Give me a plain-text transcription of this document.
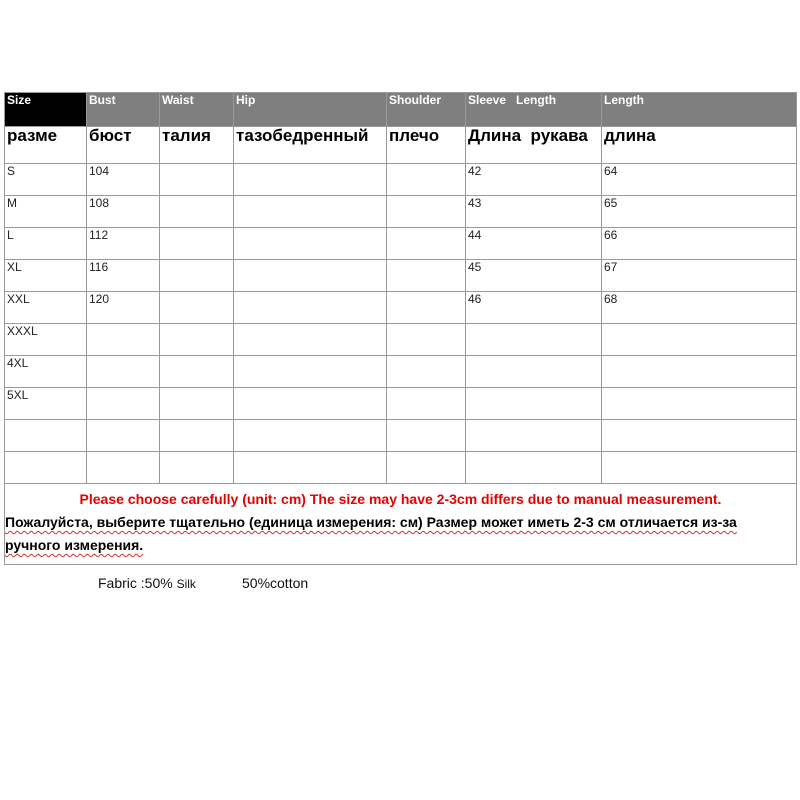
Size	Bust	Waist	Hip	Shoulder	Sleeve   Length	Length

разме	бюст	талия	тазобедренный	плечо	Длина  рукава	длина

S	104				42	64
M	108				43	65
L	112				44	66
XL	116				45	67
XXL	120				46	68
XXXL						
4XL						
5XL						

Please choose carefully (unit: cm) The size may have 2-3cm differs due to manual measurement.
Пожалуйста, выберите тщательно (единица измерения: см) Размер может иметь 2-3 см отличается из-за ручного измерения.						
Fabric :50% Silk	50%cotton
